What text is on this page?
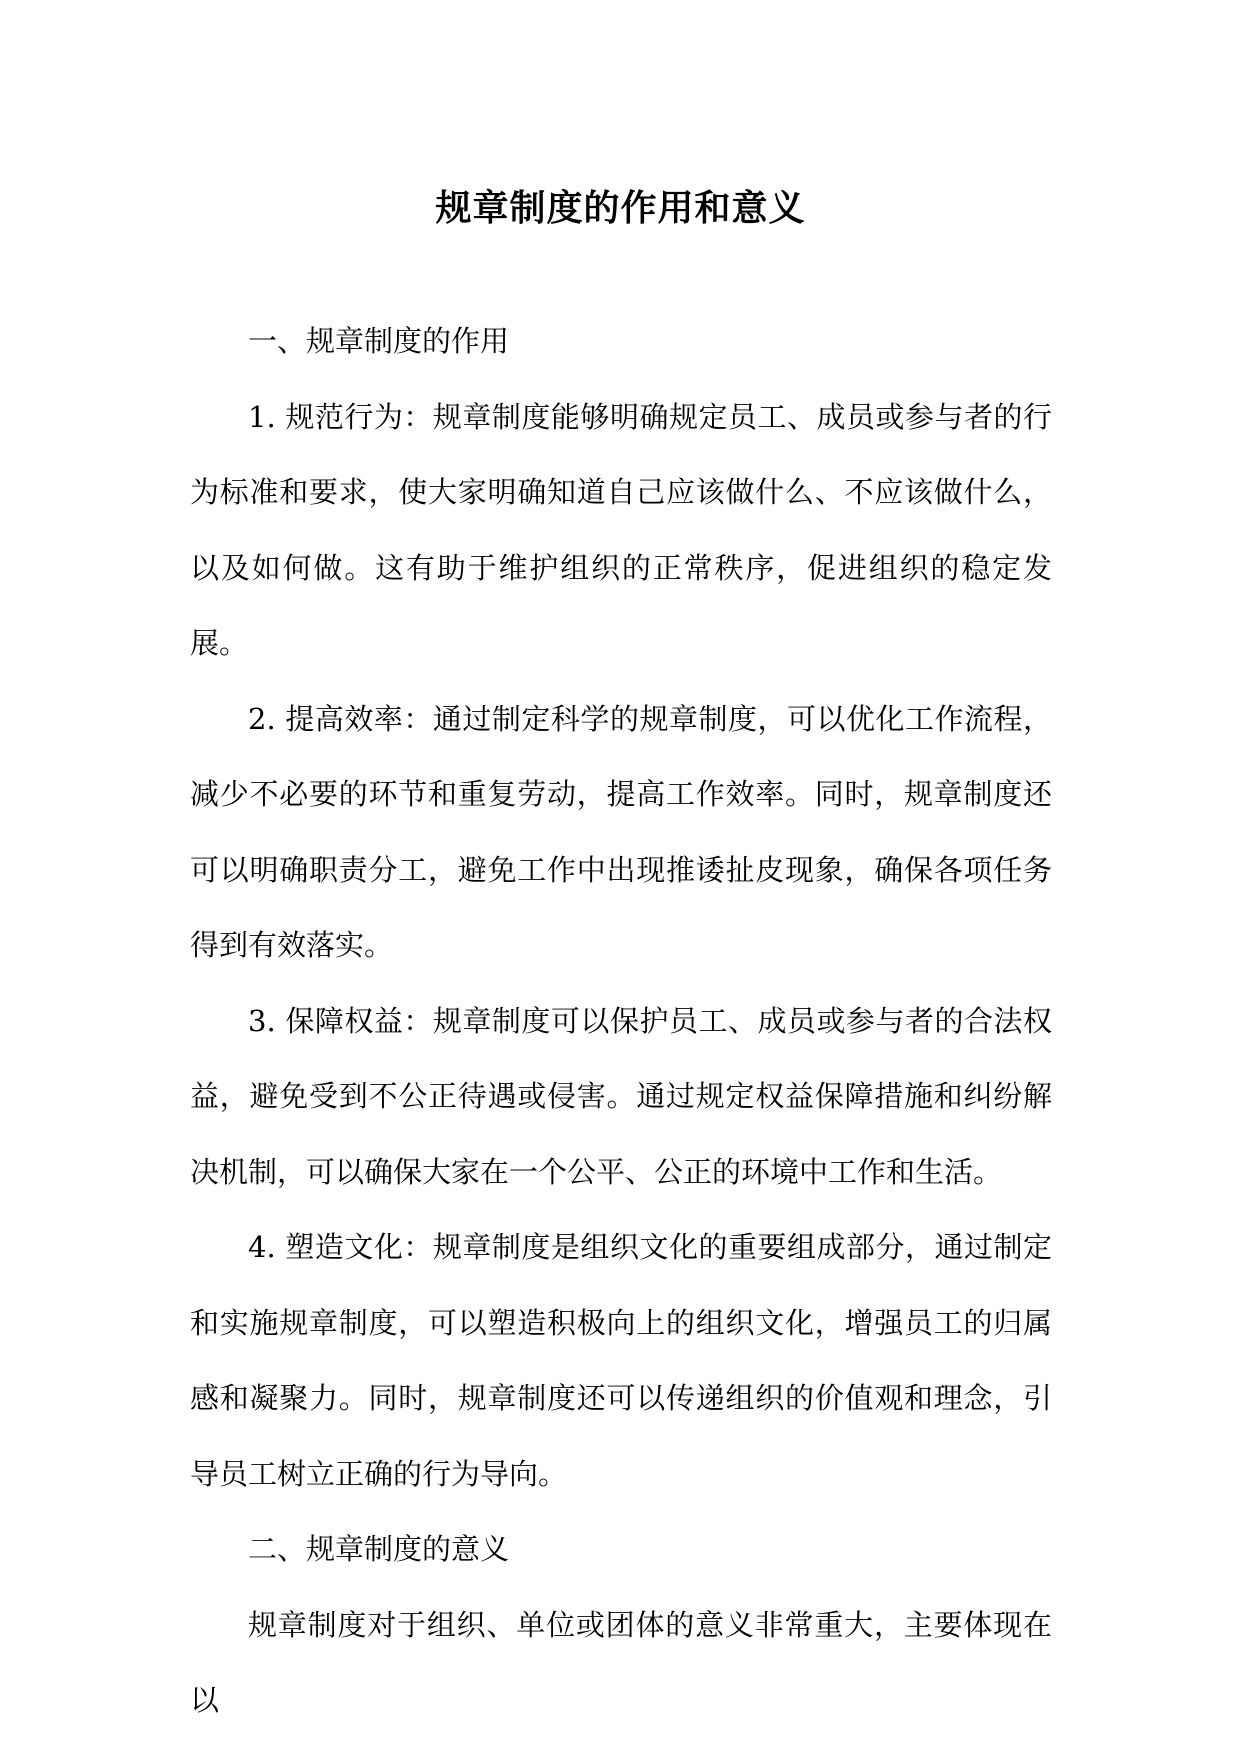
规章制度的作用和意义

一、规章制度的作用

1. 规范行为：规章制度能够明确规定员工、成员或参与者的行为标准和要求，使大家明确知道自己应该做什么、不应该做什么，以及如何做。这有助于维护组织的正常秩序，促进组织的稳定发展。

2. 提高效率：通过制定科学的规章制度，可以优化工作流程，减少不必要的环节和重复劳动，提高工作效率。同时，规章制度还可以明确职责分工，避免工作中出现推诿扯皮现象，确保各项任务得到有效落实。

3. 保障权益：规章制度可以保护员工、成员或参与者的合法权益，避免受到不公正待遇或侵害。通过规定权益保障措施和纠纷解决机制，可以确保大家在一个公平、公正的环境中工作和生活。

4. 塑造文化：规章制度是组织文化的重要组成部分，通过制定和实施规章制度，可以塑造积极向上的组织文化，增强员工的归属感和凝聚力。同时，规章制度还可以传递组织的价值观和理念，引导员工树立正确的行为导向。

二、规章制度的意义

规章制度对于组织、单位或团体的意义非常重大，主要体现在以
